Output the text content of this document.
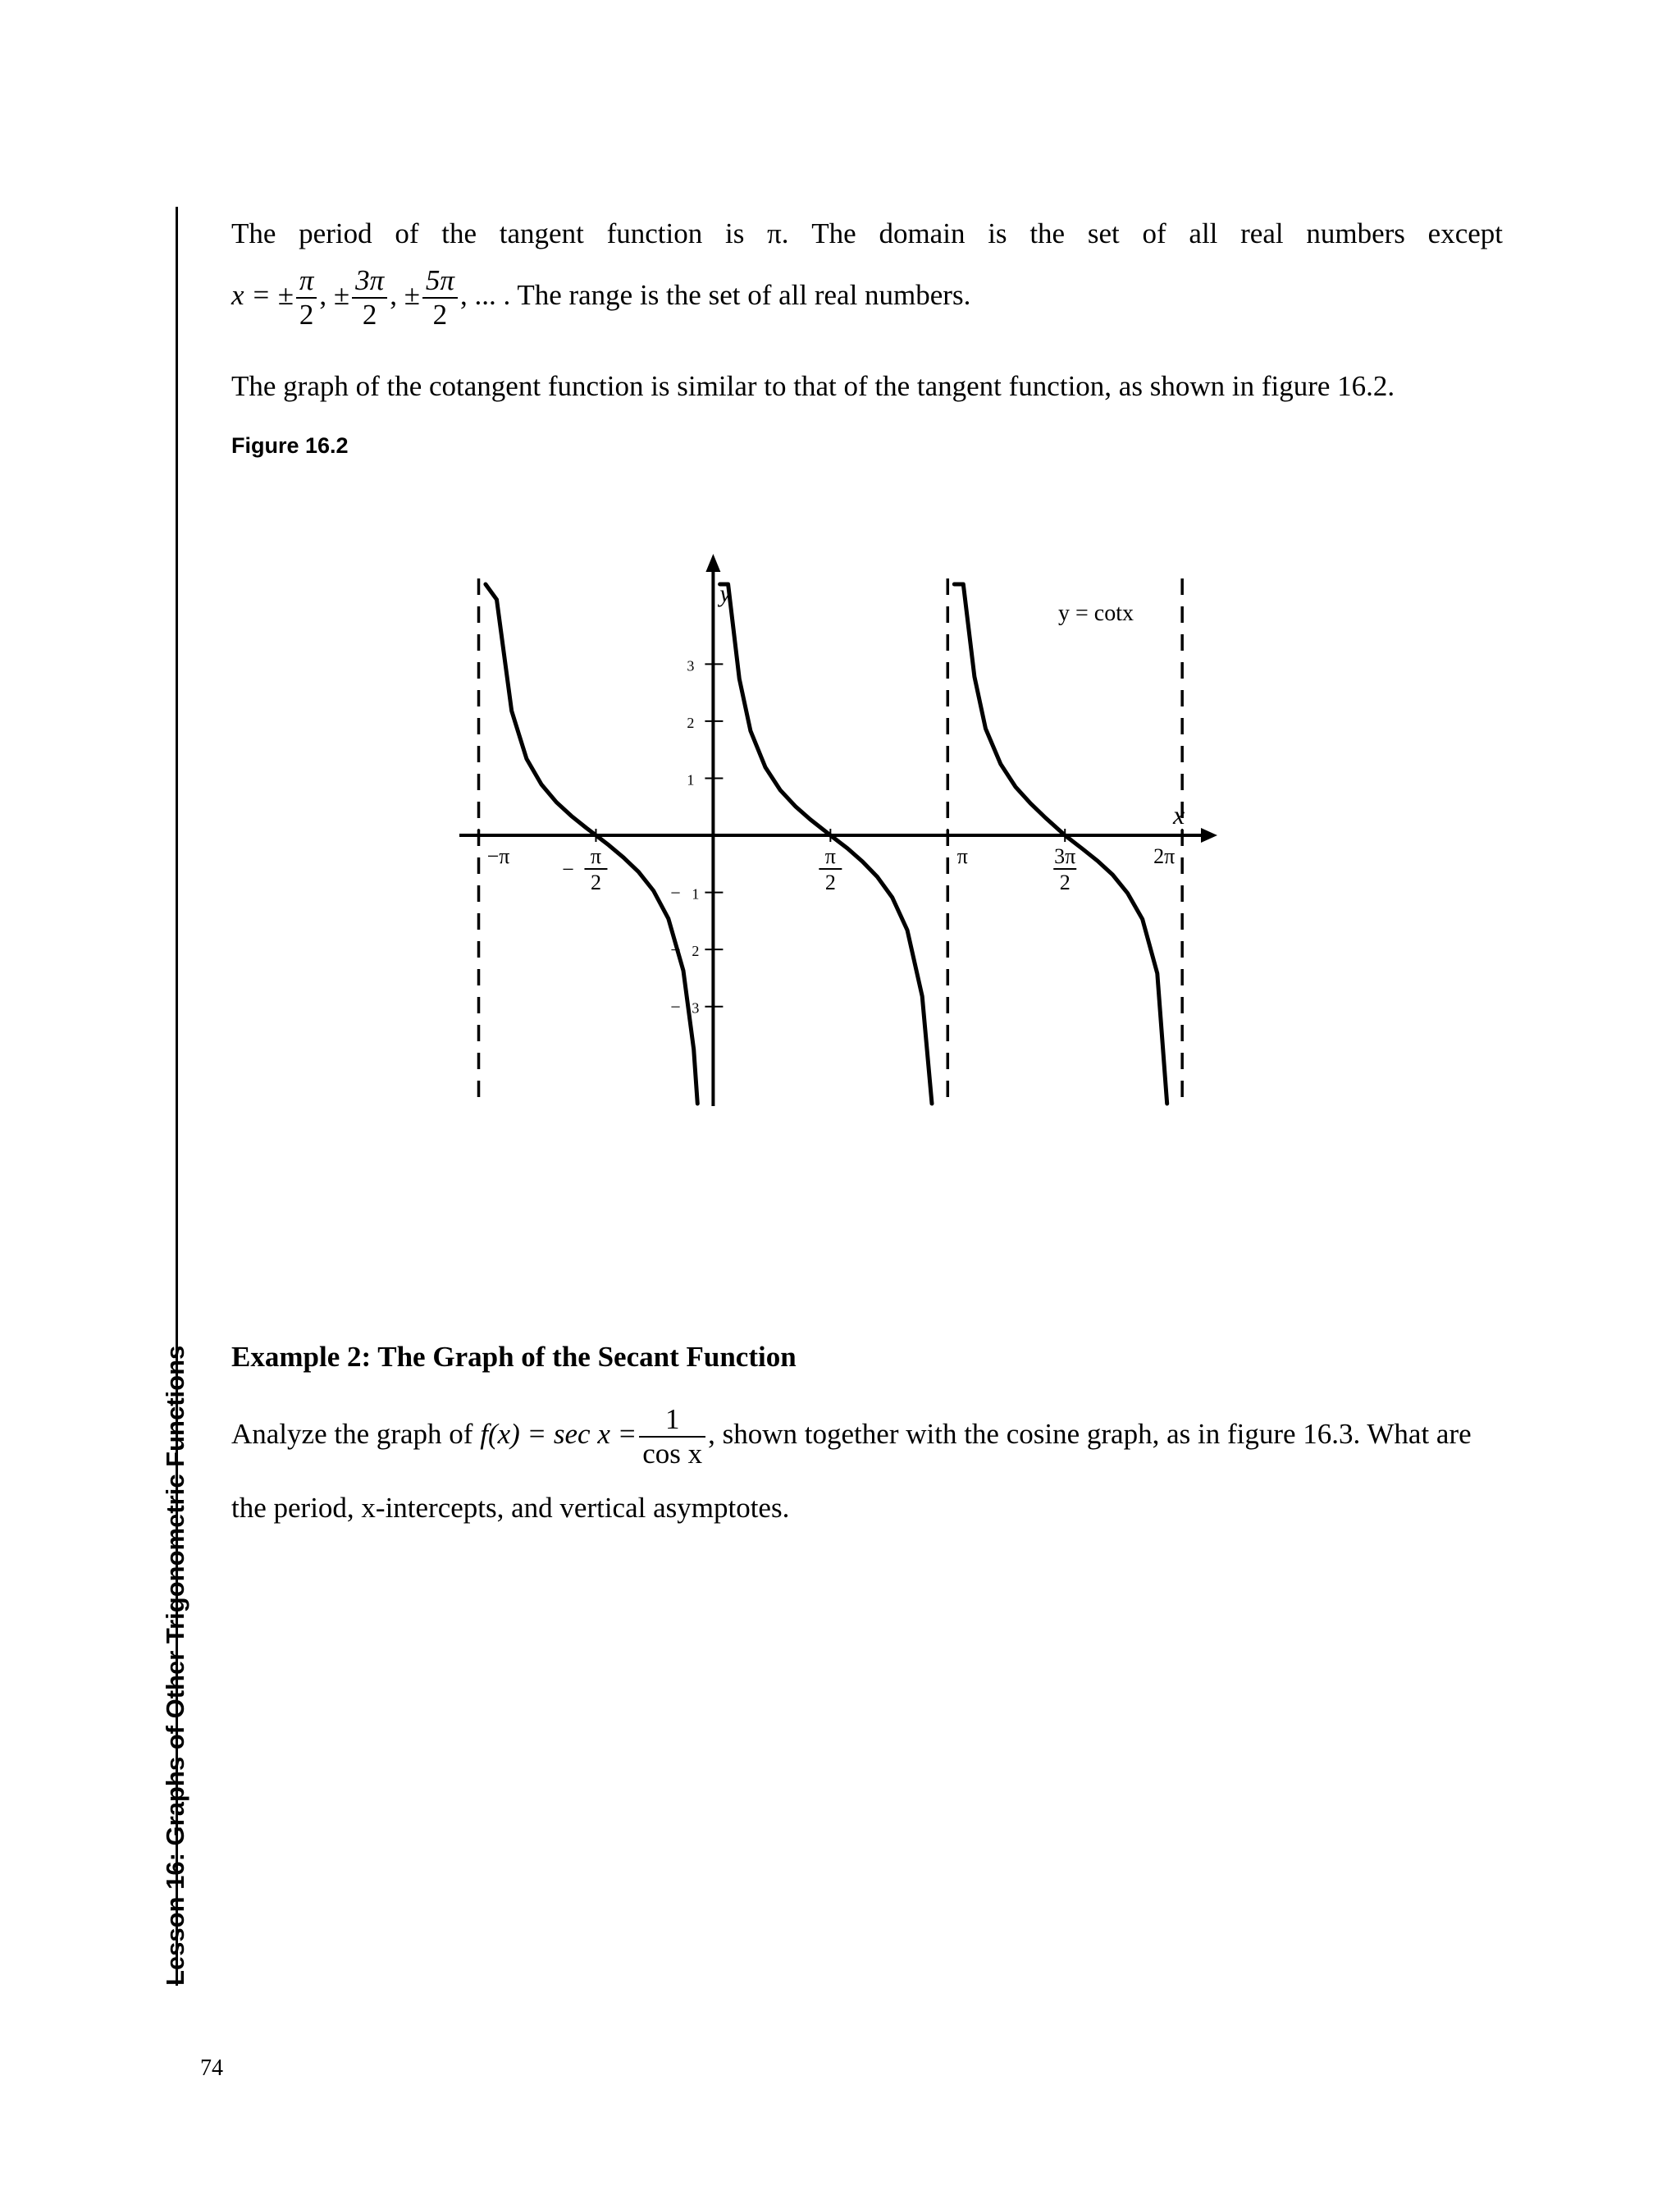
Lesson 16: Graphs of Other Trigonometric Functions
74
The period of the tangent function is π. The domain is the set of all real numbers except
x = ± $\frac{\pi}{2}$ , ± $\frac{3\pi}{2}$ , ± $\frac{5\pi}{2}$ , ... . The range is the set of all real numbers.
The graph of the cotangent function is similar to that of the tangent function, as shown in figure 16.2.
Figure 16.2
y
x
3
2
1
1
−
2
−
3
−
−π	π
2
−
π
2
π	3π
2
2π
y = cotx
Example 2: The Graph of the Secant Function
Analyze the graph of $f(x) = \sec x = \frac{1}{\text{cos x}}$ , shown together with the cosine graph, as in figure 16.3. What are
the period, x-intercepts, and vertical asymptotes.
